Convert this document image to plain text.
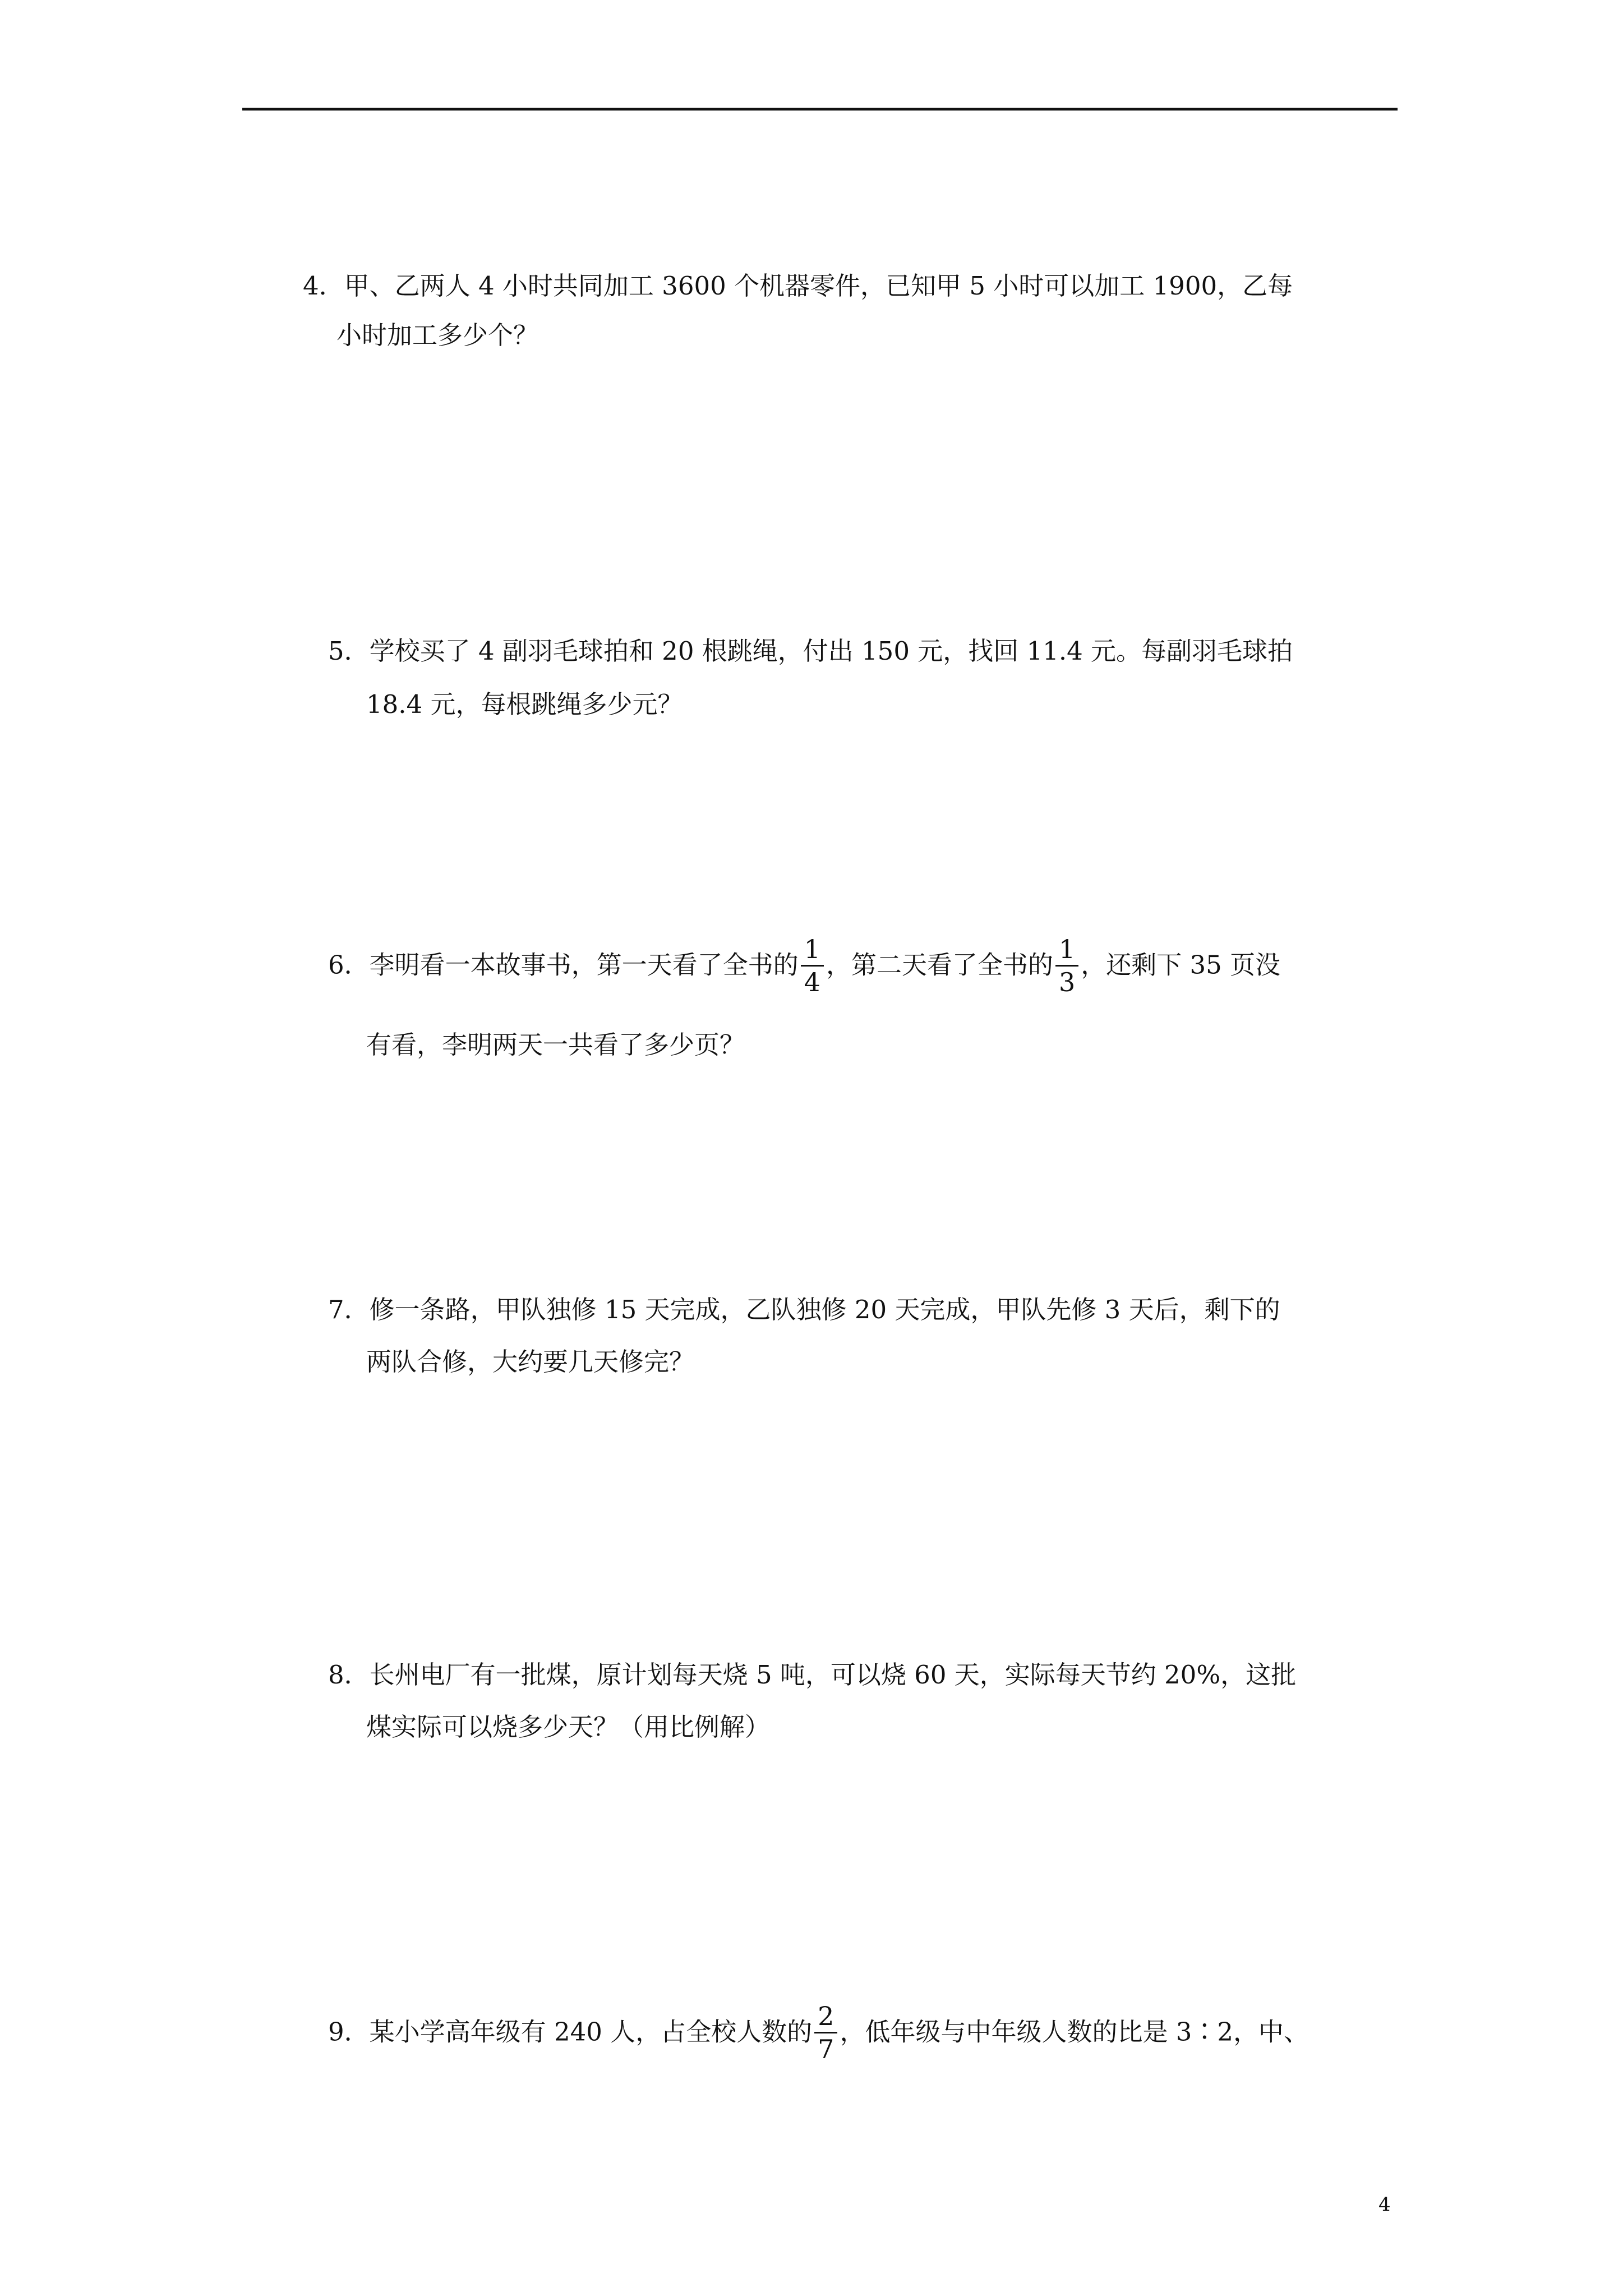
4．甲、乙两人 4 小时共同加工 3600 个机器零件，已知甲 5 小时可以加工 1900，乙每
小时加工多少个？
5．学校买了 4 副羽毛球拍和 20 根跳绳，付出 150 元，找回 11.4 元。每副羽毛球拍
18.4 元，每根跳绳多少元？
6．李明看一本故事书，第一天看了全书的 $\frac{1}{4}$ ，第二天看了全书的 $\frac{1}{3}$ ，还剩下 35 页没
有看，李明两天一共看了多少页？
7．修一条路，甲队独修 15 天完成，乙队独修 20 天完成，甲队先修 3 天后，剩下的
两队合修，大约要几天修完？
8．长州电厂有一批煤，原计划每天烧 5 吨，可以烧 60 天，实际每天节约 20%，这批
煤实际可以烧多少天？（用比例解）
9．某小学高年级有 240 人，占全校人数的 $\frac{2}{7}$ ，低年级与中年级人数的比是 3∶2，中、
4
